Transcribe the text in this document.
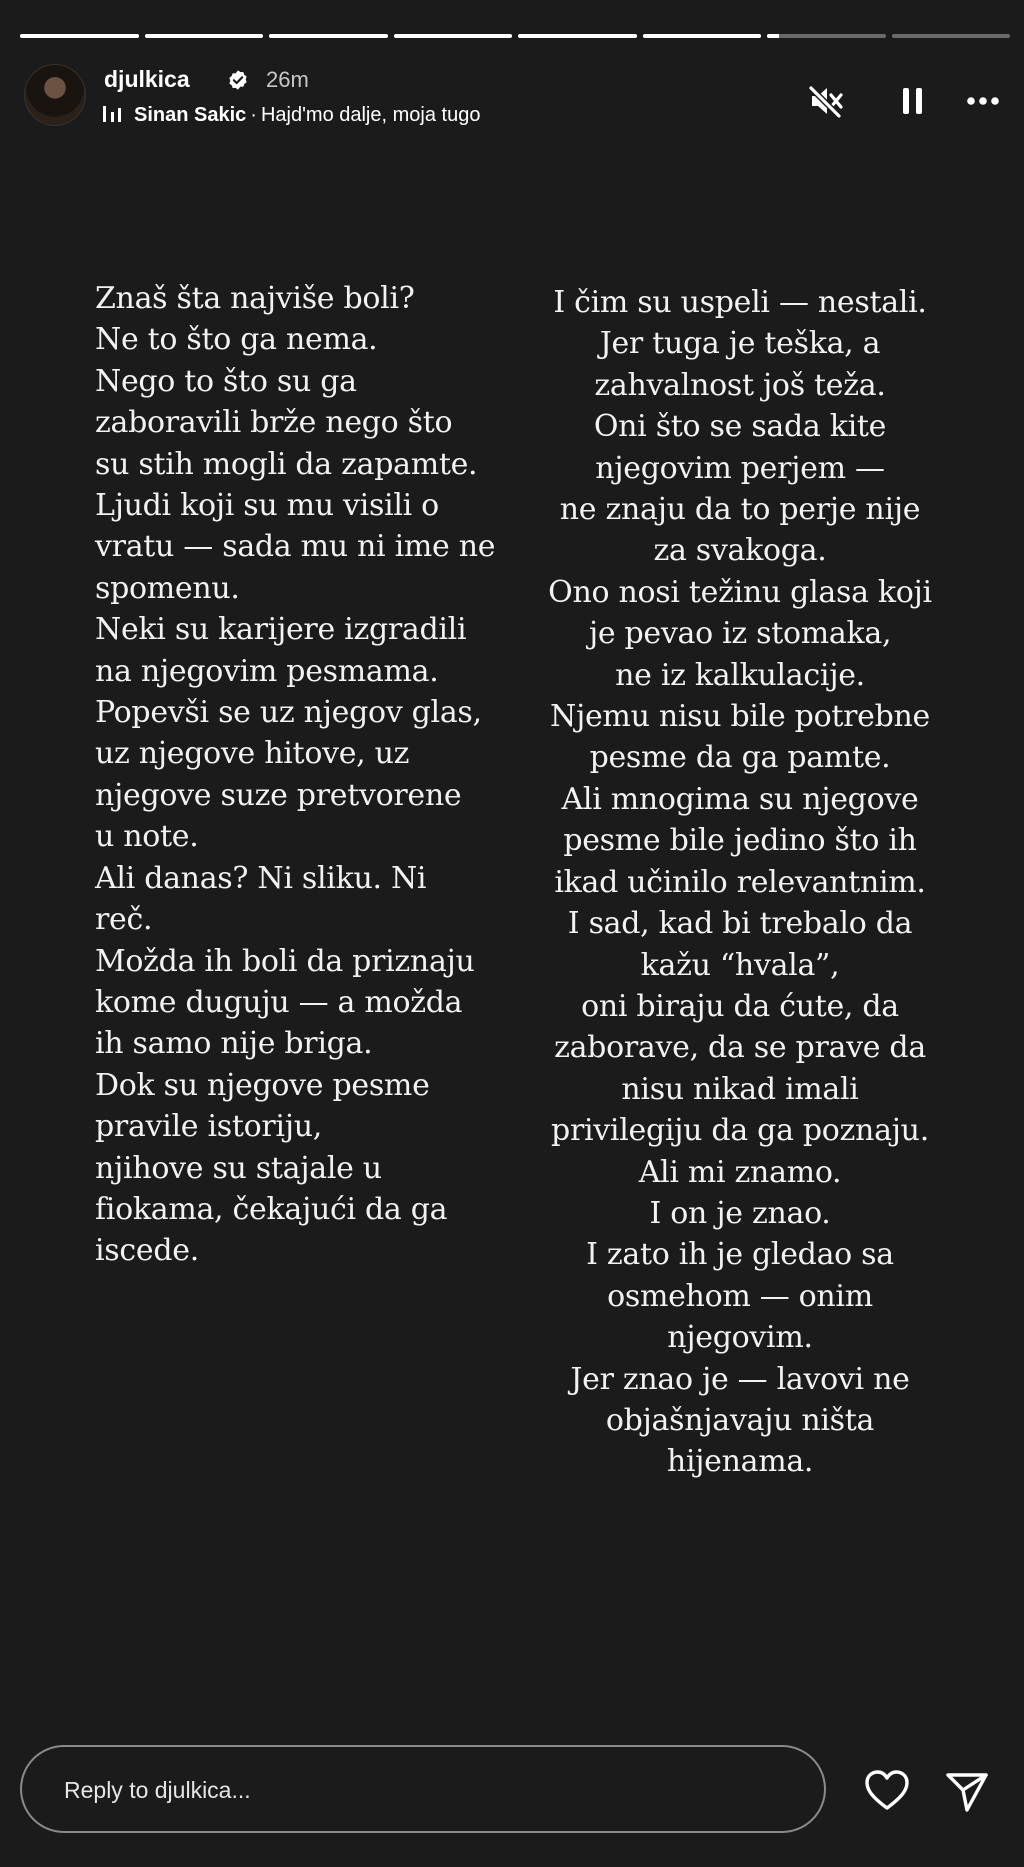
djulkica	26m
Sinan Sakic · Hajd'mo dalje, moja tugo
Znaš šta najviše boli?
Ne to što ga nema.
Nego to što su ga
zaboravili brže nego što
su stih mogli da zapamte.
Ljudi koji su mu visili o
vratu — sada mu ni ime ne
spomenu.
Neki su karijere izgradili
na njegovim pesmama.
Popevši se uz njegov glas,
uz njegove hitove, uz
njegove suze pretvorene
u note.
Ali danas? Ni sliku. Ni
reč.
Možda ih boli da priznaju
kome duguju — a možda
ih samo nije briga.
Dok su njegove pesme
pravile istoriju,
njihove su stajale u
fiokama, čekajući da ga
iscede.
I čim su uspeli — nestali.
Jer tuga je teška, a
zahvalnost još teža.
Oni što se sada kite
njegovim perjem —
ne znaju da to perje nije
za svakoga.
Ono nosi težinu glasa koji
je pevao iz stomaka,
ne iz kalkulacije.
Njemu nisu bile potrebne
pesme da ga pamte.
Ali mnogima su njegove
pesme bile jedino što ih
ikad učinilo relevantnim.
I sad, kad bi trebalo da
kažu “hvala”,
oni biraju da ćute, da
zaborave, da se prave da
nisu nikad imali
privilegiju da ga poznaju.
Ali mi znamo.
I on je znao.
I zato ih je gledao sa
osmehom — onim
njegovim.
Jer znao je — lavovi ne
objašnjavaju ništa
hijenama.
Reply to djulkica...
